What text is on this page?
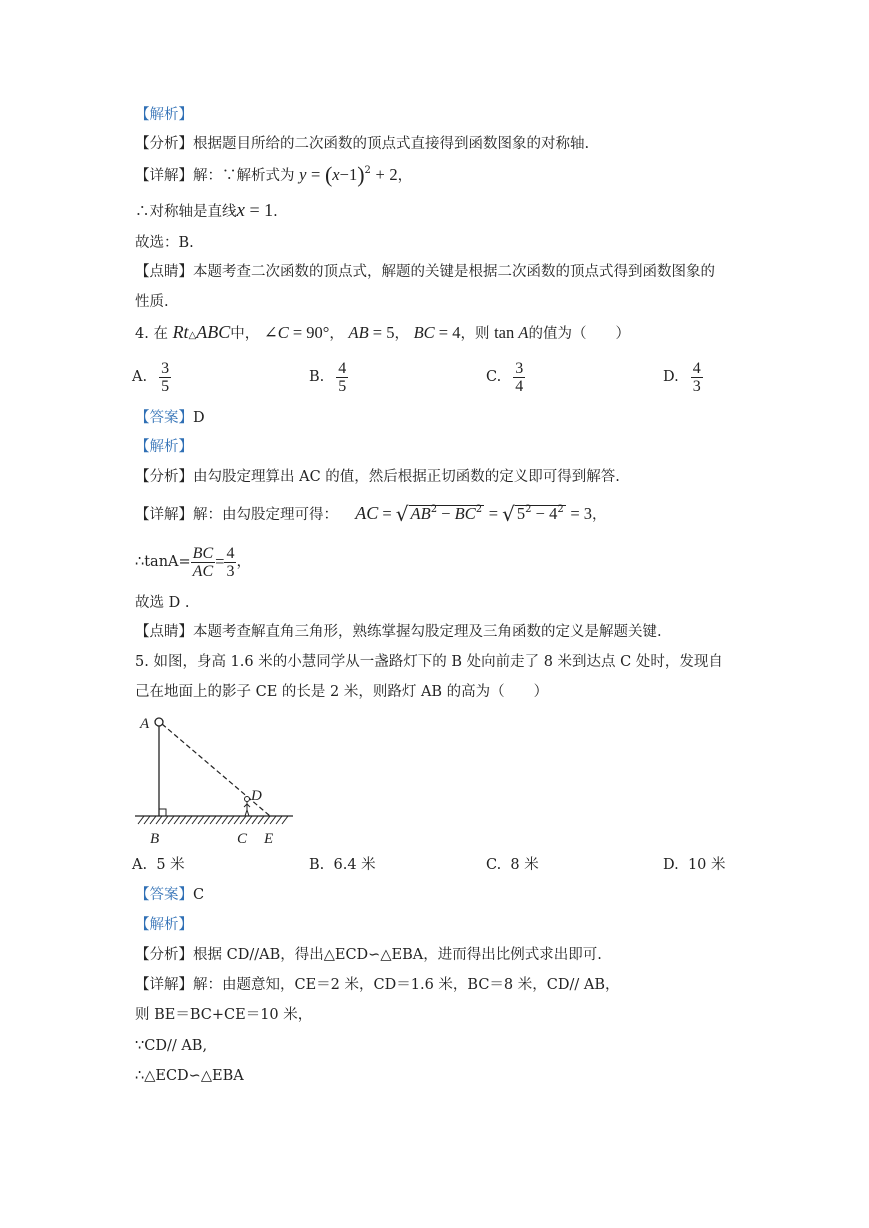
【解析】
【分析】根据题目所给的二次函数的顶点式直接得到函数图象的对称轴.
【详解】解：∵解析式为 $y = (x-1)^2 + 2$，
∴对称轴是直线x = 1.
故选：B.
【点睛】本题考查二次函数的顶点式，解题的关键是根据二次函数的顶点式得到函数图象的
性质.
4. 在 Rt△ABC中， ∠C = 90°， AB = 5， BC = 4，则 tan A的值为（　　）
A. $\frac{3}{5}$	B. $\frac{4}{5}$	C. $\frac{3}{4}$	D. $\frac{4}{3}$
【答案】D
【解析】
【分析】由勾股定理算出 AC 的值，然后根据正切函数的定义即可得到解答.
【详解】解：由勾股定理可得： AC = √ $AB^2 - BC^2$ = √ $5^2 - 4^2 = 3$，
∴tanA= $\frac{BC}{AC} = \frac{4}{3}$ ，
故选 D .
【点睛】本题考查解直角三角形，熟练掌握勾股定理及三角函数的定义是解题关键.
5. 如图，身高 1.6 米的小慧同学从一盏路灯下的 B 处向前走了 8 米到达点 C 处时，发现自
己在地面上的影子 CE 的长是 2 米，则路灯 AB 的高为（　　）
A
D
B	C E
A. 5 米	B. 6.4 米	C. 8 米	D. 10 米
【答案】C
【解析】
【分析】根据 CD//AB，得出△ECD∽△EBA，进而得出比例式求出即可.
【详解】解：由题意知，CE＝2 米，CD＝1.6 米，BC＝8 米，CD// AB，
则 BE＝BC+CE＝10 米，
∵CD// AB,
∴△ECD∽△EBA
